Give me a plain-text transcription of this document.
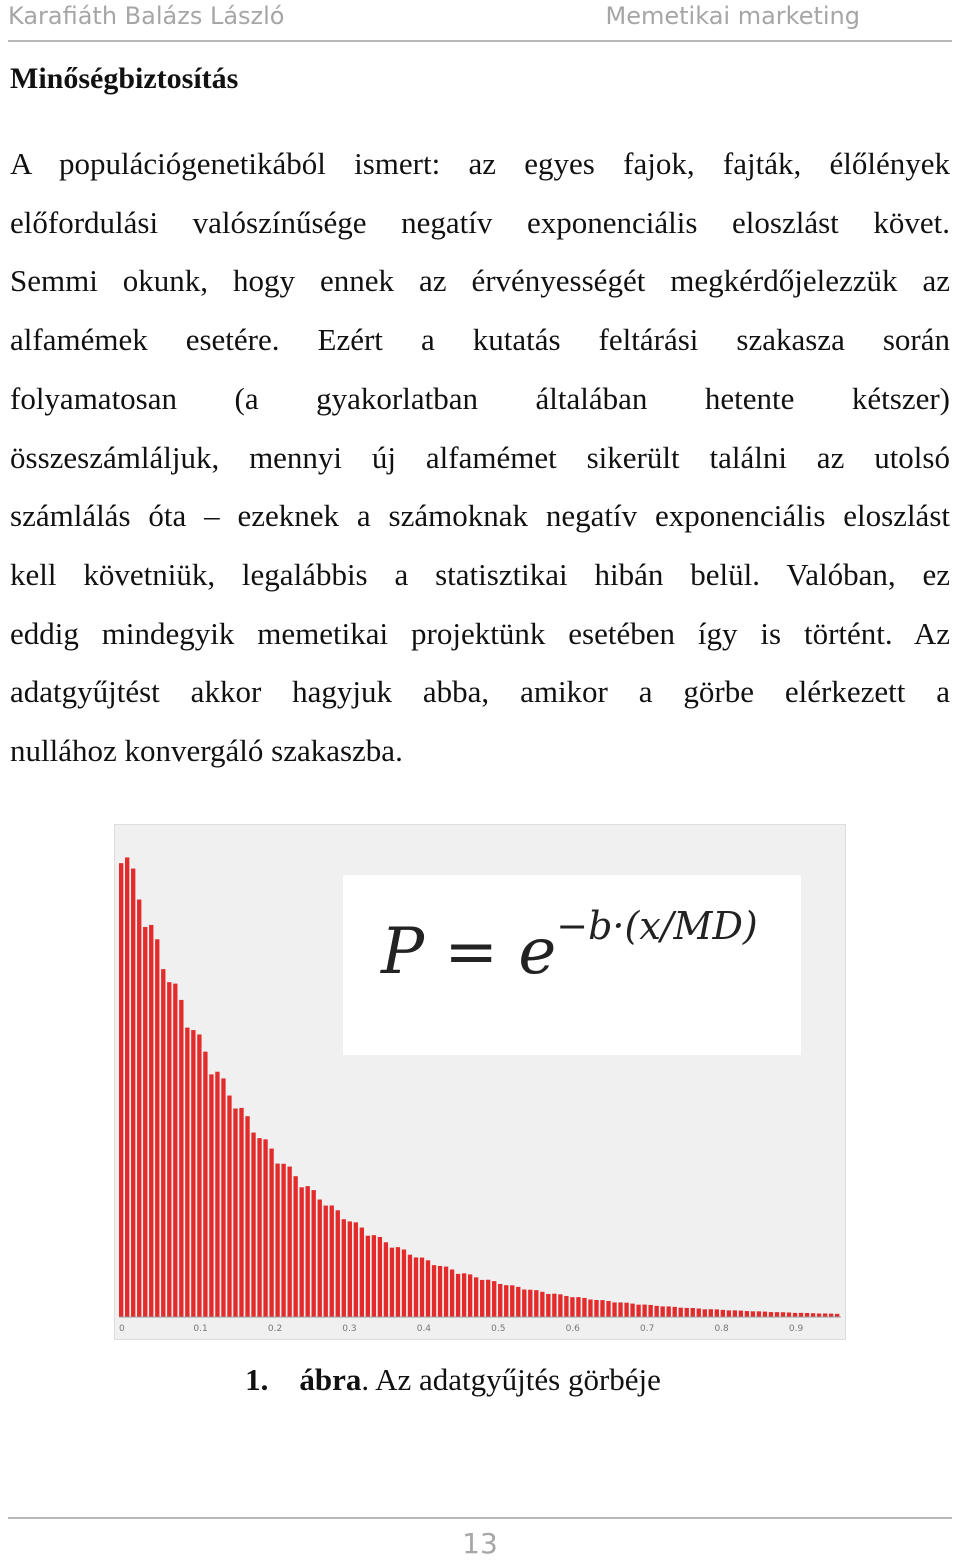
Karafiáth Balázs László	Memetikai marketing
Minőségbiztosítás
A populációgenetikából ismert: az egyes fajok, fajták, élőlények
előfordulási valószínűsége negatív exponenciális eloszlást követ.
Semmi okunk, hogy ennek az érvényességét megkérdőjelezzük az
alfamémek esetére. Ezért a kutatás feltárási szakasza során
folyamatosan (a gyakorlatban általában hetente kétszer)
összeszámláljuk, mennyi új alfamémet sikerült találni az utolsó
számlálás óta – ezeknek a számoknak negatív exponenciális eloszlást
kell követniük, legalábbis a statisztikai hibán belül. Valóban, ez
eddig mindegyik memetikai projektünk esetében így is történt. Az
adatgyűjtést akkor hagyjuk abba, amikor a görbe elérkezett a
nullához konvergáló szakaszba.
0	0.1	0.2	0.3	0.4	0.5	0.6	0.7	0.8	0.9
$P = e^{-b\cdot(x/MD)}$
1. ábra. Az adatgyűjtés görbéje
13
